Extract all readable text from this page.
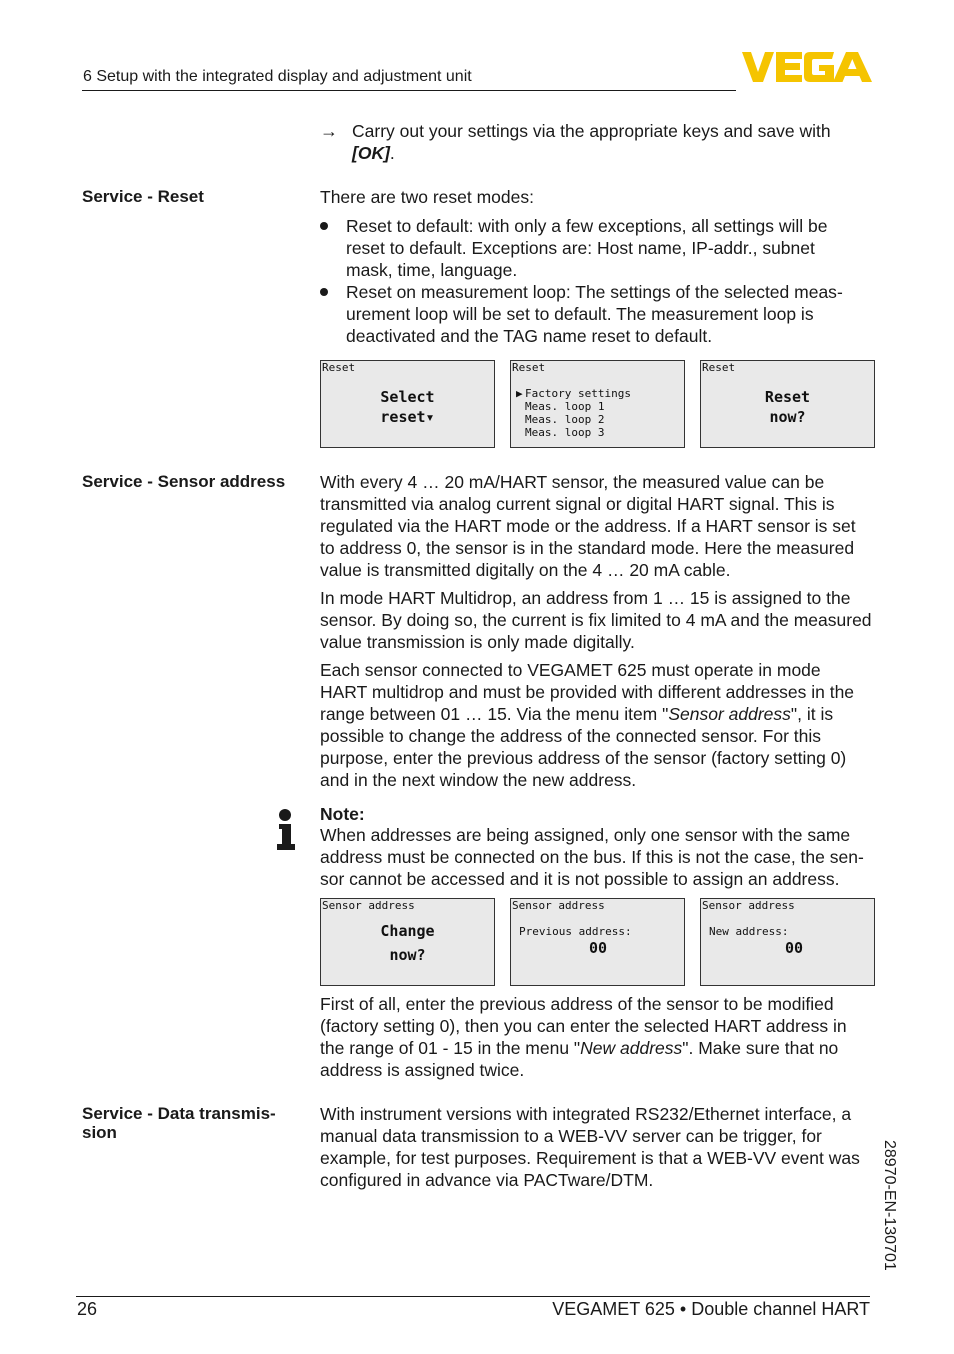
6 Setup with the integrated display and adjustment unit
→ Carry out your settings via the appropriate keys and save with
[OK].
Service - Reset	There are two reset modes:
Reset to default: with only a few exceptions, all settings will be reset to default. Exceptions are: Host name, IP-addr., subnet mask, time, language.
Reset on measurement loop: The settings of the selected measurement loop will be set to default. The measurement loop is deactivated and the TAG name reset to default.
Reset
Select
reset▾
Reset
▶ Factory settings
Meas. loop 1
Meas. loop 2
Meas. loop 3
Reset
Reset
now?
Service - Sensor address	With every 4 … 20 mA/HART sensor, the measured value can be transmitted via analog current signal or digital HART signal. This is regulated via the HART mode or the address. If a HART sensor is set to address 0, the sensor is in the standard mode. Here the measured value is transmitted digitally on the 4 … 20 mA cable.
In mode HART Multidrop, an address from 1 … 15 is assigned to the sensor. By doing so, the current is fix limited to 4 mA and the measured value transmission is only made digitally.
Each sensor connected to VEGAMET 625 must operate in mode HART multidrop and must be provided with different addresses in the range between 01 … 15. Via the menu item "Sensor address", it is possible to change the address of the connected sensor. For this purpose, enter the previous address of the sensor (factory setting 0) and in the next window the new address.
Note:
When addresses are being assigned, only one sensor with the same address must be connected on the bus. If this is not the case, the sensor cannot be accessed and it is not possible to assign an address.
Sensor address
Change
now?
Sensor address
Previous address:
00
Sensor address
New address:
00
First of all, enter the previous address of the sensor to be modified (factory setting 0), then you can enter the selected HART address in the range of 01 - 15 in the menu "New address". Make sure that no address is assigned twice.
Service - Data transmission
With instrument versions with integrated RS232/Ethernet interface, a manual data transmission to a WEB-VV server can be trigger, for example, for test purposes. Requirement is that a WEB-VV event was configured in advance via PACTware/DTM.	28970-EN-130701
26	VEGAMET 625 • Double channel HART
